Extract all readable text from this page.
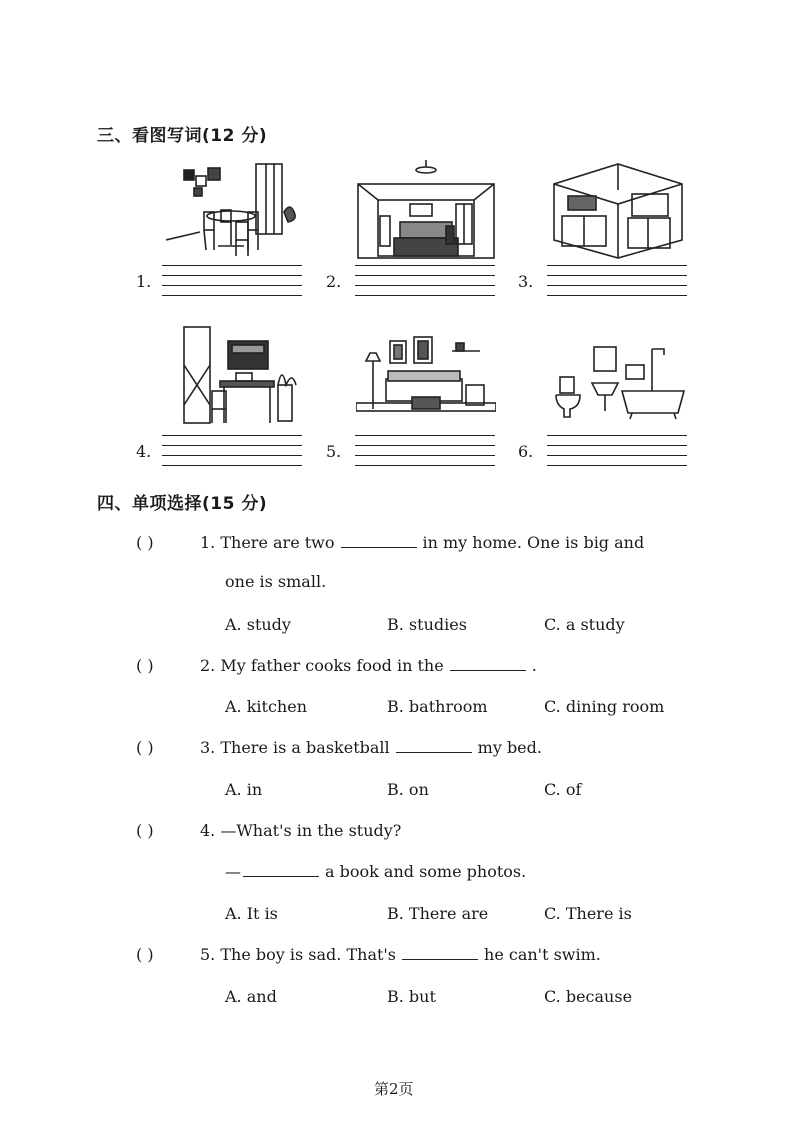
三、看图写词(12 分)
1.	2.	3.
4.	5.	6.
四、单项选择(15 分)
( )	1. There are two	in my home. One is big and
one is small.
A. study	B. studies	C. a study
( )	2. My father cooks food in the	.
A. kitchen	B. bathroom	C. dining room
( )	3. There is a basketball	my bed.
A. in	B. on	C. of
( )	4. —What's in the study?
—	a book and some photos.
A. It is	B. There are	C. There is
( )	5. The boy is sad. That's	he can't swim.
A. and	B. but	C. because
第2页
